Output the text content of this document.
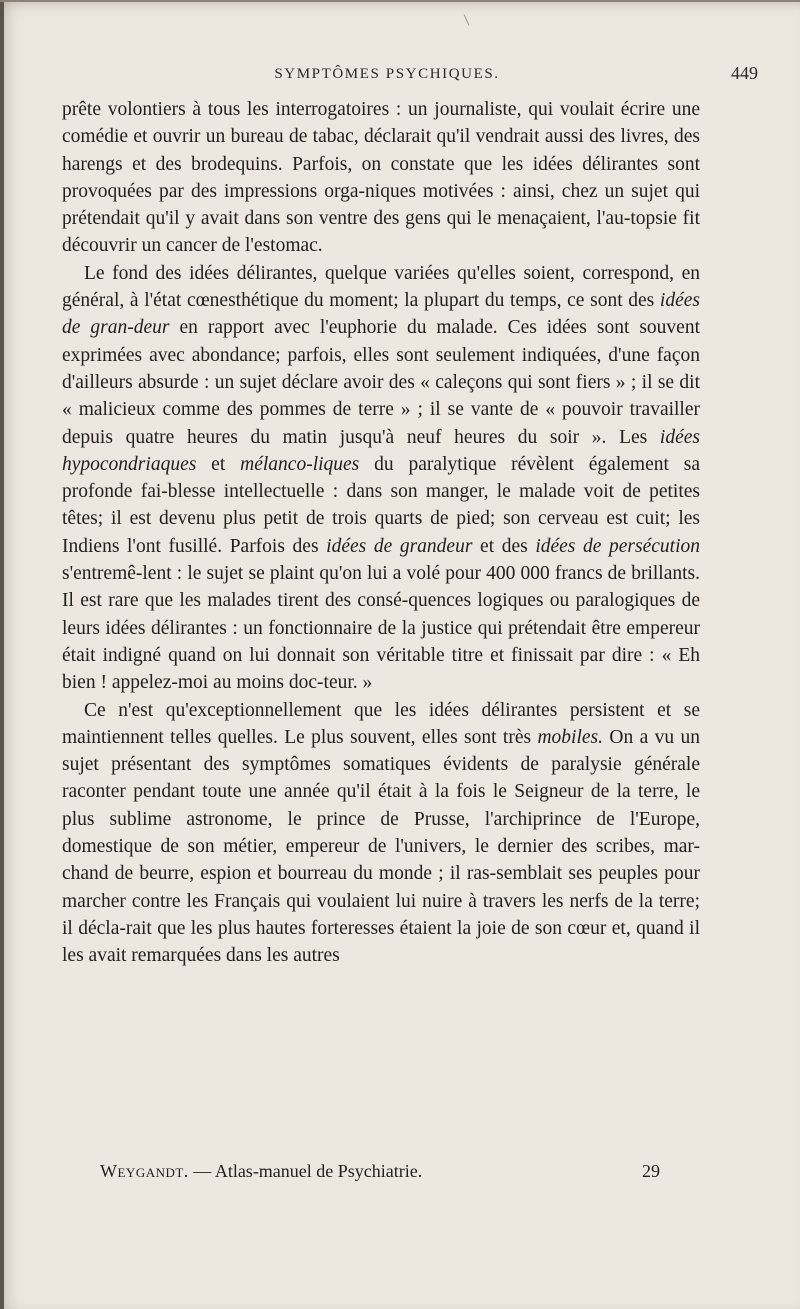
SYMPTÔMES PSYCHIQUES.	449

prête volontiers à tous les interrogatoires : un journaliste, qui voulait écrire une comédie et ouvrir un bureau de tabac, déclarait qu'il vendrait aussi des livres, des harengs et des brodequins. Parfois, on constate que les idées délirantes sont provoquées par des impressions orga-niques motivées : ainsi, chez un sujet qui prétendait qu'il y avait dans son ventre des gens qui le menaçaient, l'au-topsie fit découvrir un cancer de l'estomac.

Le fond des idées délirantes, quelque variées qu'elles soient, correspond, en général, à l'état cœnesthétique du moment; la plupart du temps, ce sont des idées de gran-deur en rapport avec l'euphorie du malade. Ces idées sont souvent exprimées avec abondance; parfois, elles sont seulement indiquées, d'une façon d'ailleurs absurde : un sujet déclare avoir des « caleçons qui sont fiers » ; il se dit « malicieux comme des pommes de terre » ; il se vante de « pouvoir travailler depuis quatre heures du matin jusqu'à neuf heures du soir ». Les idées hypocondriaques et mélanco-liques du paralytique révèlent également sa profonde fai-blesse intellectuelle : dans son manger, le malade voit de petites têtes; il est devenu plus petit de trois quarts de pied; son cerveau est cuit; les Indiens l'ont fusillé. Parfois des idées de grandeur et des idées de persécution s'entremê-lent : le sujet se plaint qu'on lui a volé pour 400 000 francs de brillants. Il est rare que les malades tirent des consé-quences logiques ou paralogiques de leurs idées délirantes : un fonctionnaire de la justice qui prétendait être empereur était indigné quand on lui donnait son véritable titre et finissait par dire : « Eh bien ! appelez-moi au moins doc-teur. »

Ce n'est qu'exceptionnellement que les idées délirantes persistent et se maintiennent telles quelles. Le plus souvent, elles sont très mobiles. On a vu un sujet présentant des symptômes somatiques évidents de paralysie générale raconter pendant toute une année qu'il était à la fois le Seigneur de la terre, le plus sublime astronome, le prince de Prusse, l'archiprince de l'Europe, domestique de son métier, empereur de l'univers, le dernier des scribes, mar-chand de beurre, espion et bourreau du monde ; il ras-semblait ses peuples pour marcher contre les Français qui voulaient lui nuire à travers les nerfs de la terre; il décla-rait que les plus hautes forteresses étaient la joie de son cœur et, quand il les avait remarquées dans les autres

Weygandt. — Atlas-manuel de Psychiatrie.	29
